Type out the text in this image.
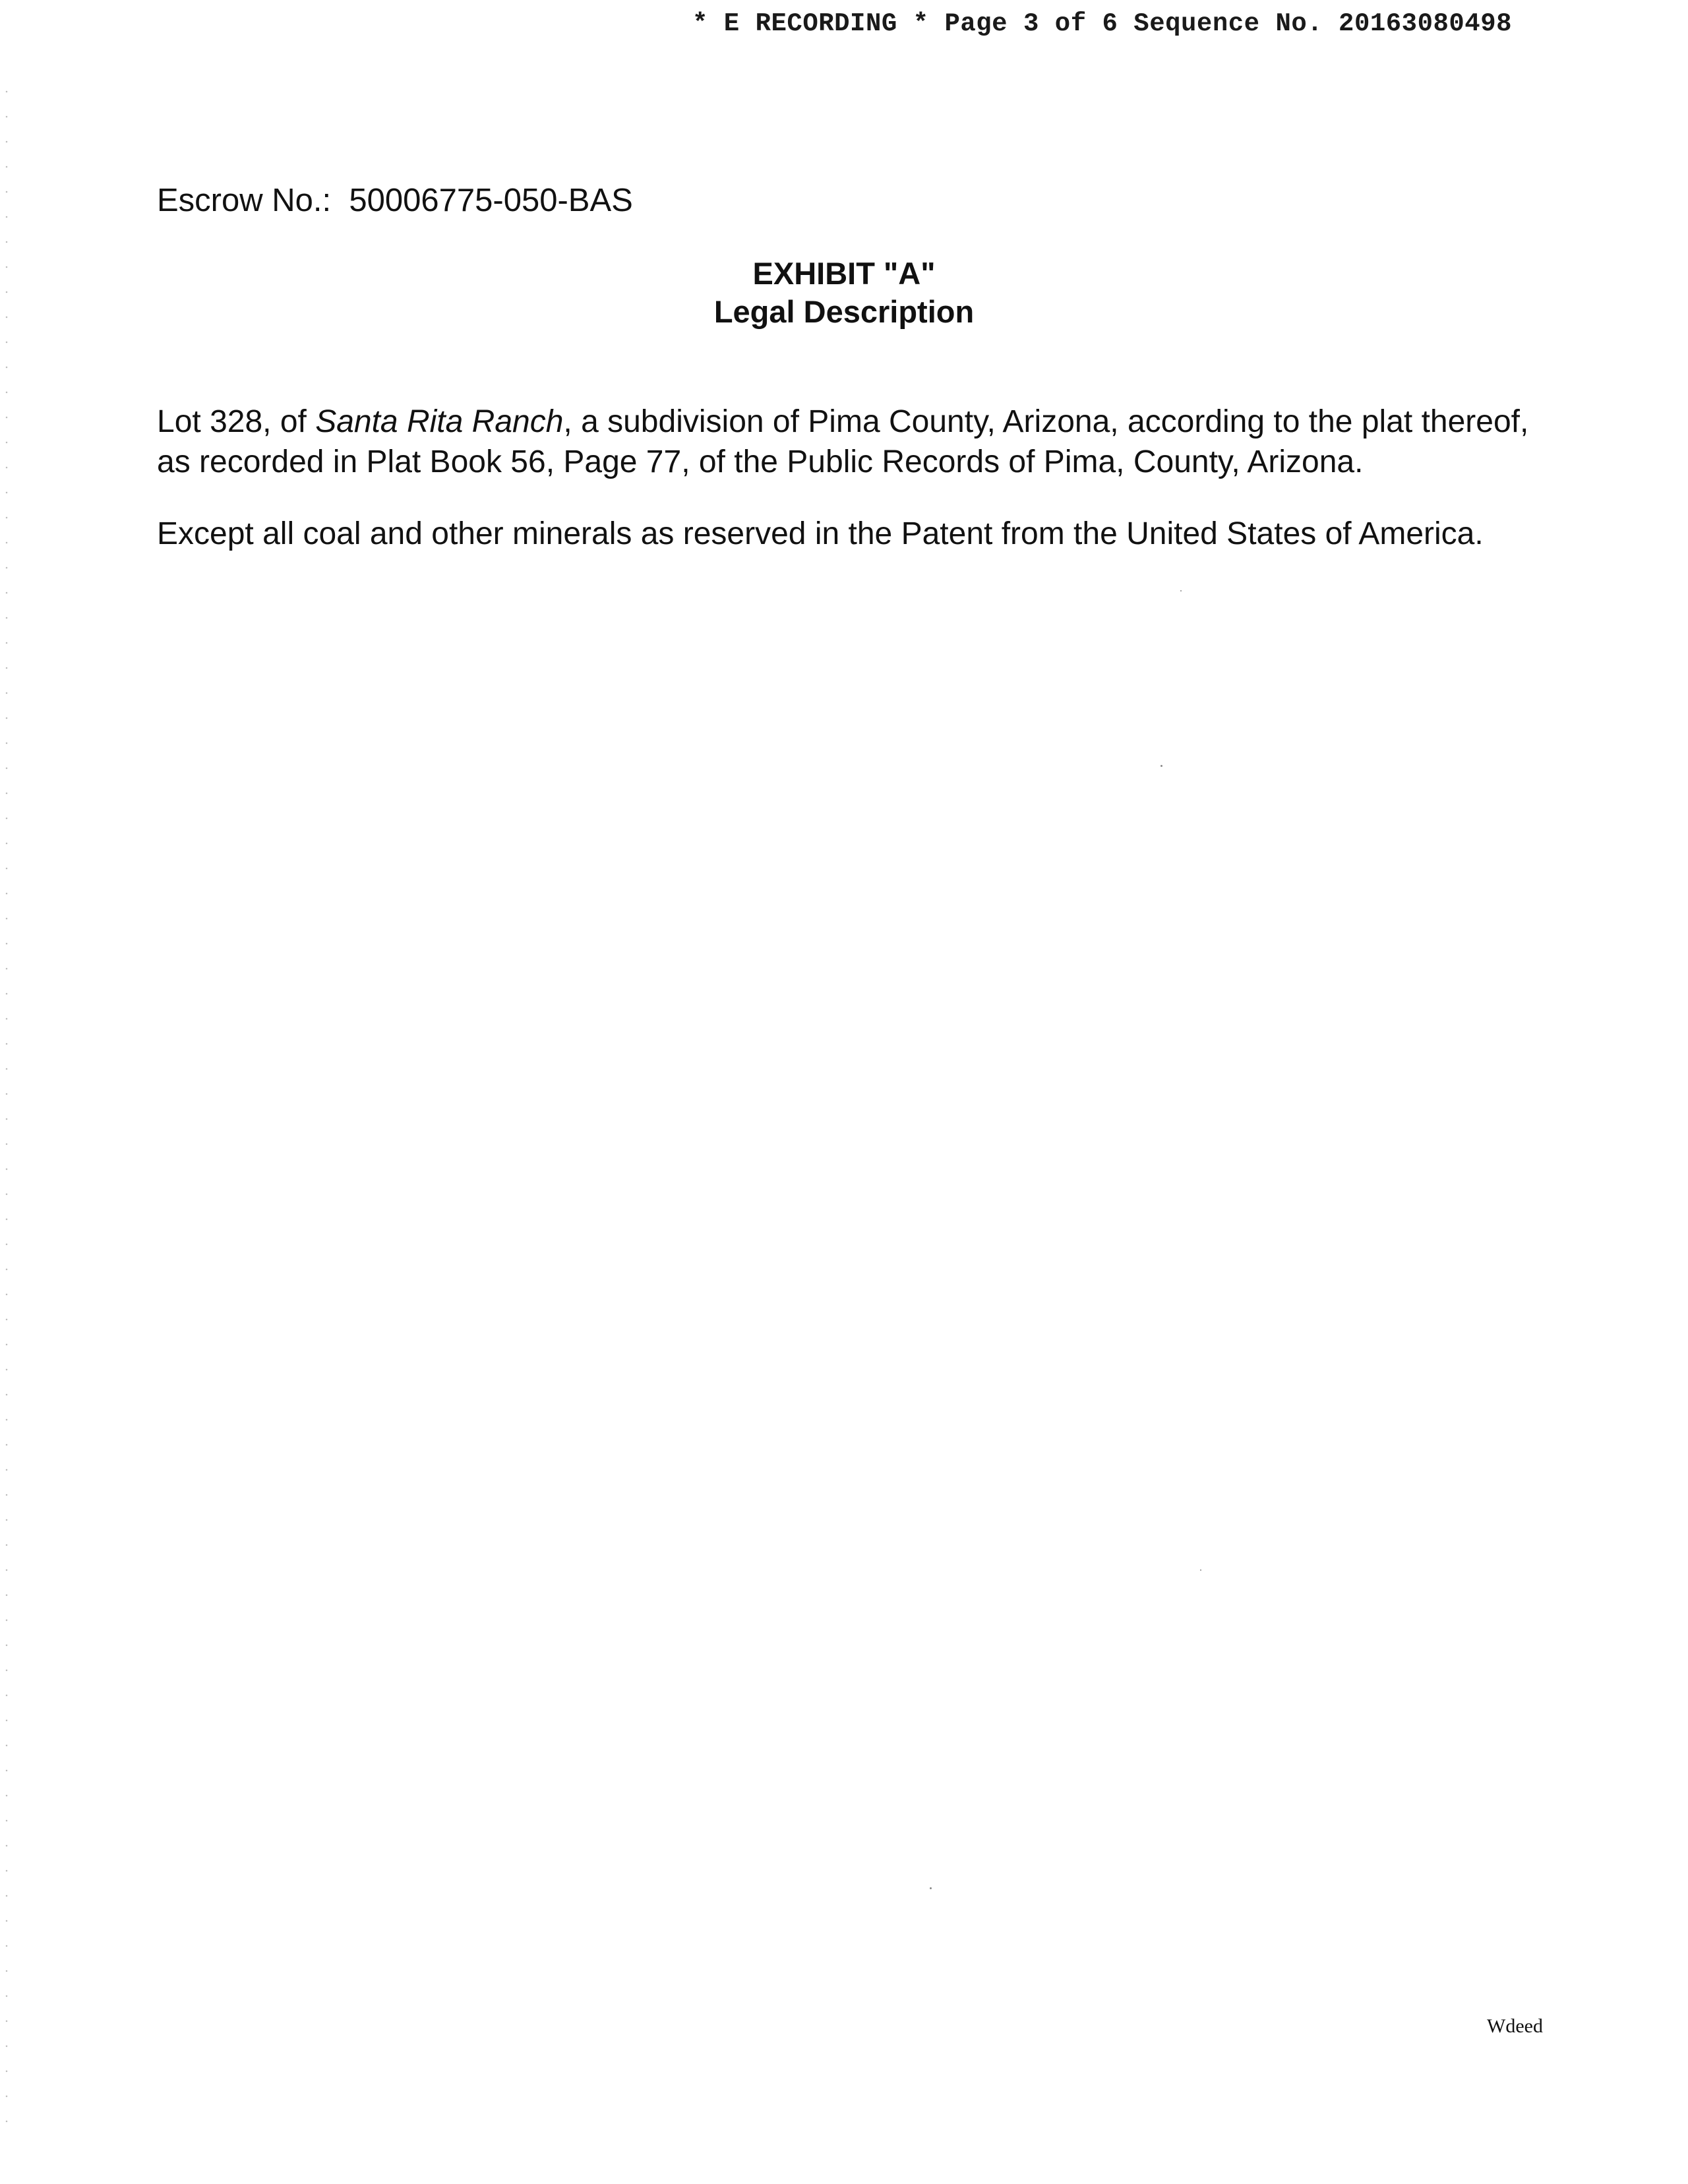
* E RECORDING * Page 3 of 6 Sequence No. 20163080498
Escrow No.: 50006775-050-BAS
EXHIBIT "A"
Legal Description
Lot 328, of Santa Rita Ranch, a subdivision of Pima County, Arizona, according to the plat thereof, as recorded in Plat Book 56, Page 77, of the Public Records of Pima, County, Arizona.
Except all coal and other minerals as reserved in the Patent from the United States of America.
Wdeed
